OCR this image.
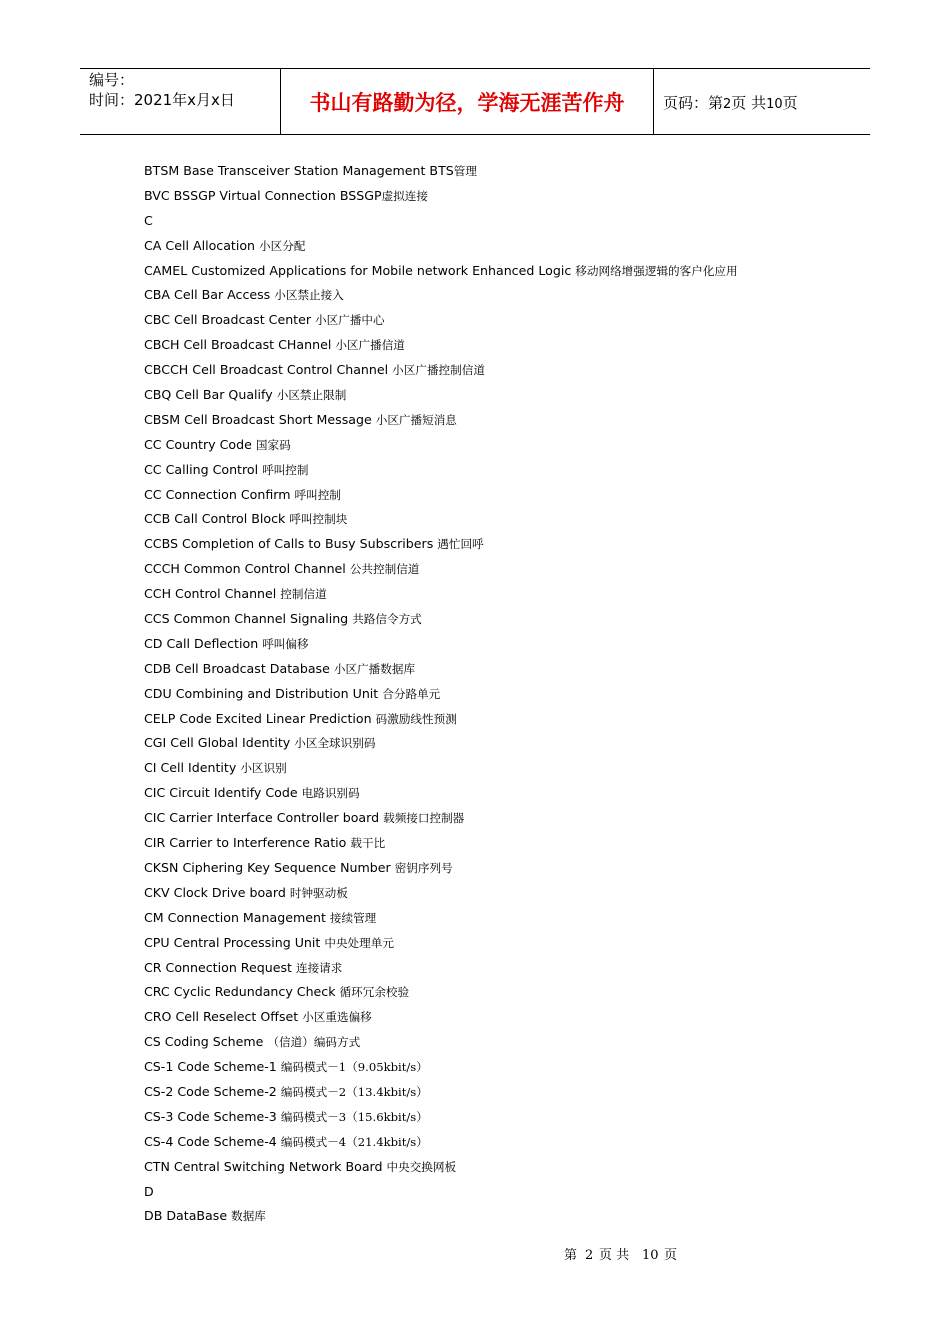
编号：
时间：2021年x月x日	书山有路勤为径，学海无涯苦作舟	页码：第2页 共10页
BTSM Base Transceiver Station Management BTS管理
BVC BSSGP Virtual Connection BSSGP虚拟连接
C
CA Cell Allocation 小区分配
CAMEL Customized Applications for Mobile network Enhanced Logic 移动网络增强逻辑的客户化应用
CBA Cell Bar Access 小区禁止接入
CBC Cell Broadcast Center 小区广播中心
CBCH Cell Broadcast CHannel 小区广播信道
CBCCH Cell Broadcast Control Channel 小区广播控制信道
CBQ Cell Bar Qualify 小区禁止限制
CBSM Cell Broadcast Short Message 小区广播短消息
CC Country Code 国家码
CC Calling Control 呼叫控制
CC Connection Confirm 呼叫控制
CCB Call Control Block 呼叫控制块
CCBS Completion of Calls to Busy Subscribers 遇忙回呼
CCCH Common Control Channel 公共控制信道
CCH Control Channel 控制信道
CCS Common Channel Signaling 共路信令方式
CD Call Deflection 呼叫偏移
CDB Cell Broadcast Database 小区广播数据库
CDU Combining and Distribution Unit 合分路单元
CELP Code Excited Linear Prediction 码激励线性预测
CGI Cell Global Identity 小区全球识别码
CI Cell Identity 小区识别
CIC Circuit Identify Code 电路识别码
CIC Carrier Interface Controller board 载频接口控制器
CIR Carrier to Interference Ratio 载干比
CKSN Ciphering Key Sequence Number 密钥序列号
CKV Clock Drive board 时钟驱动板
CM Connection Management 接续管理
CPU Central Processing Unit 中央处理单元
CR Connection Request 连接请求
CRC Cyclic Redundancy Check 循环冗余校验
CRO Cell Reselect Offset 小区重选偏移
CS Coding Scheme （信道）编码方式
CS-1 Code Scheme-1 编码模式－1（9.05kbit/s）
CS-2 Code Scheme-2 编码模式－2（13.4kbit/s）
CS-3 Code Scheme-3 编码模式－3（15.6kbit/s）
CS-4 Code Scheme-4 编码模式－4（21.4kbit/s）
CTN Central Switching Network Board 中央交换网板
D
DB DataBase 数据库
第 2 页 共 10 页
